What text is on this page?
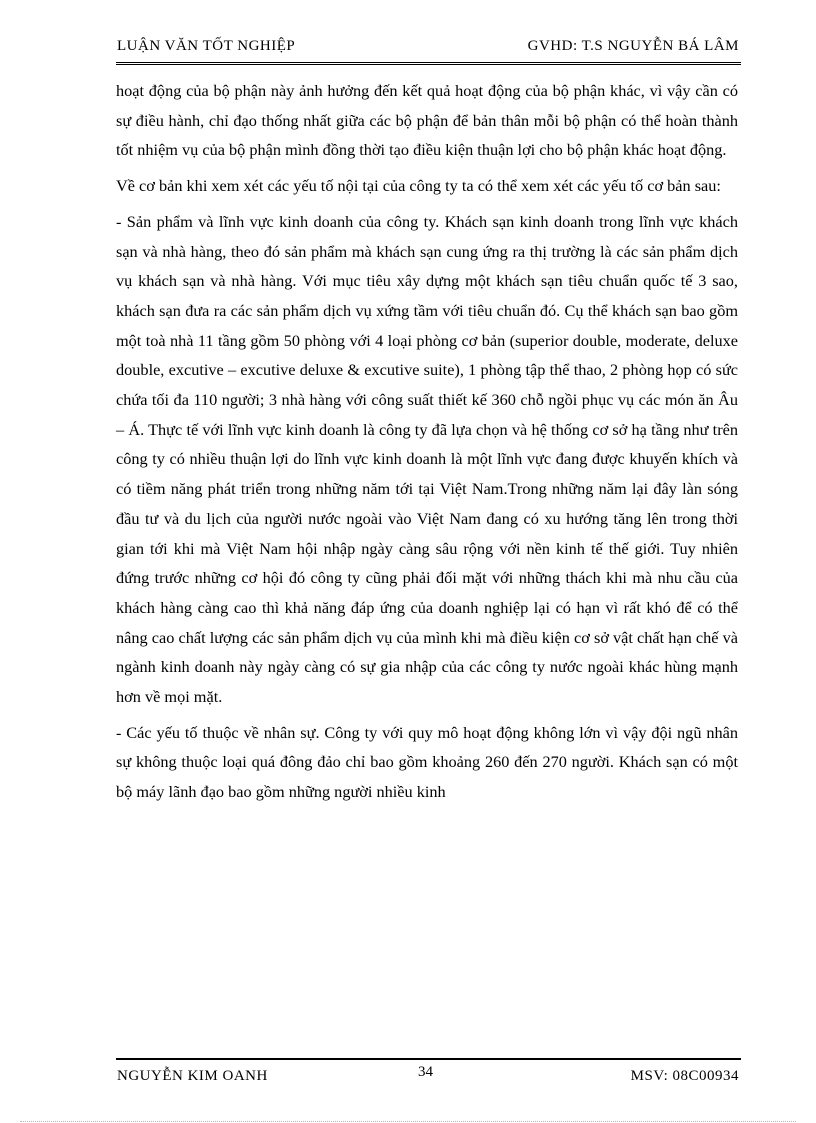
LUẬN VĂN TỐT NGHIỆP	GVHD: T.S NGUYỄN BÁ LÂM

hoạt động của bộ phận này ảnh hưởng đến kết quả hoạt động của bộ phận khác, vì vậy cần có sự điều hành, chỉ đạo thống nhất giữa các bộ phận để bản thân mỗi bộ phận có thể hoàn thành tốt nhiệm vụ của bộ phận mình đồng thời tạo điều kiện thuận lợi cho bộ phận khác hoạt động.

Về cơ bản khi xem xét các yếu tố nội tại của công ty ta có thể xem xét các yếu tố cơ bản sau:

- Sản phẩm và lĩnh vực kinh doanh của công ty. Khách sạn kinh doanh trong lĩnh vực khách sạn và nhà hàng, theo đó sản phẩm mà khách sạn cung ứng ra thị trường là các sản phẩm dịch vụ khách sạn và nhà hàng. Với mục tiêu xây dựng một khách sạn tiêu chuẩn quốc tế 3 sao, khách sạn đưa ra các sản phẩm dịch vụ xứng tầm với tiêu chuẩn đó. Cụ thể khách sạn bao gồm một toà nhà 11 tầng gồm 50 phòng với 4 loại phòng cơ bản (superior double, moderate, deluxe double, excutive – excutive deluxe & excutive suite), 1 phòng tập thể thao, 2 phòng họp có sức chứa tối đa 110 người; 3 nhà hàng với công suất thiết kế 360 chỗ ngồi phục vụ các món ăn Âu – Á. Thực tế với lĩnh vực kinh doanh là công ty đã lựa chọn và hệ thống cơ sở hạ tầng như trên công ty có nhiều thuận lợi do lĩnh vực kinh doanh là một lĩnh vực đang được khuyến khích và có tiềm năng phát triển trong những năm tới tại Việt Nam.Trong những năm lại đây làn sóng đầu tư và du lịch của người nước ngoài vào Việt Nam đang có xu hướng tăng lên trong thời gian tới khi mà Việt Nam hội nhập ngày càng sâu rộng với nền kinh tế thế giới. Tuy nhiên đứng trước những cơ hội đó công ty cũng phải đối mặt với những thách khi mà nhu cầu của khách hàng càng cao thì khả năng đáp ứng của doanh nghiệp lại có hạn vì rất khó để có thể nâng cao chất lượng các sản phẩm dịch vụ của mình khi mà điều kiện cơ sở vật chất hạn chế và ngành kinh doanh này ngày càng có sự gia nhập của các công ty nước ngoài khác hùng mạnh hơn về mọi mặt.

- Các yếu tố thuộc về nhân sự. Công ty với quy mô hoạt động không lớn vì vậy đội ngũ nhân sự không thuộc loại quá đông đảo chỉ bao gồm khoảng 260 đến 270 người. Khách sạn có một bộ máy lãnh đạo bao gồm những người nhiều kinh

NGUYỄN KIM OANH	34	MSV: 08C00934
